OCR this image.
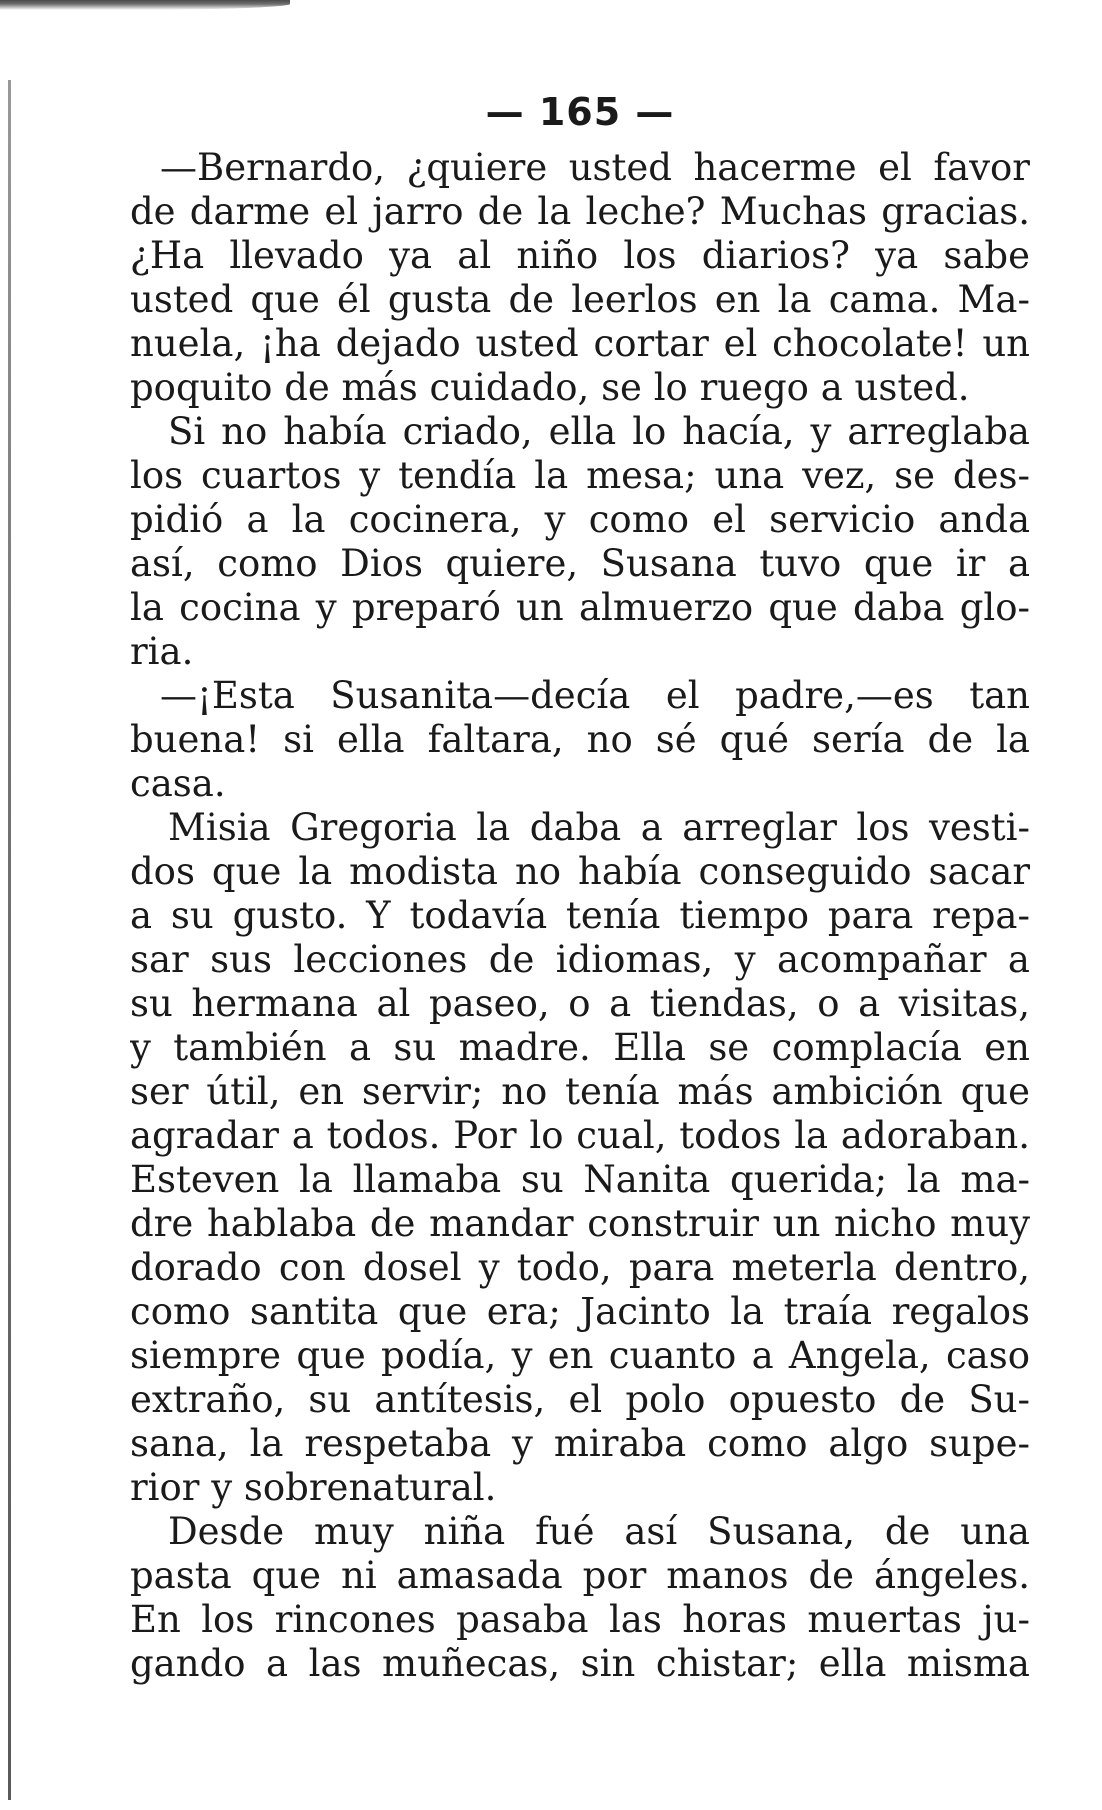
— 165 —
—Bernardo, ¿quiere usted hacerme el favor
de darme el jarro de la leche? Muchas gracias.
¿Ha llevado ya al niño los diarios? ya sabe
usted que él gusta de leerlos en la cama. Ma-
nuela, ¡ha dejado usted cortar el chocolate! un
poquito de más cuidado, se lo ruego a usted.
Si no había criado, ella lo hacía, y arreglaba
los cuartos y tendía la mesa; una vez, se des-
pidió a la cocinera, y como el servicio anda
así, como Dios quiere, Susana tuvo que ir a
la cocina y preparó un almuerzo que daba glo-
ria.
—¡Esta Susanita—decía el padre,—es tan
buena! si ella faltara, no sé qué sería de la
casa.
Misia Gregoria la daba a arreglar los vesti-
dos que la modista no había conseguido sacar
a su gusto. Y todavía tenía tiempo para repa-
sar sus lecciones de idiomas, y acompañar a
su hermana al paseo, o a tiendas, o a visitas,
y también a su madre. Ella se complacía en
ser útil, en servir; no tenía más ambición que
agradar a todos. Por lo cual, todos la adoraban.
Esteven la llamaba su Nanita querida; la ma-
dre hablaba de mandar construir un nicho muy
dorado con dosel y todo, para meterla dentro,
como santita que era; Jacinto la traía regalos
siempre que podía, y en cuanto a Angela, caso
extraño, su antítesis, el polo opuesto de Su-
sana, la respetaba y miraba como algo supe-
rior y sobrenatural.
Desde muy niña fué así Susana, de una
pasta que ni amasada por manos de ángeles.
En los rincones pasaba las horas muertas ju-
gando a las muñecas, sin chistar; ella misma
